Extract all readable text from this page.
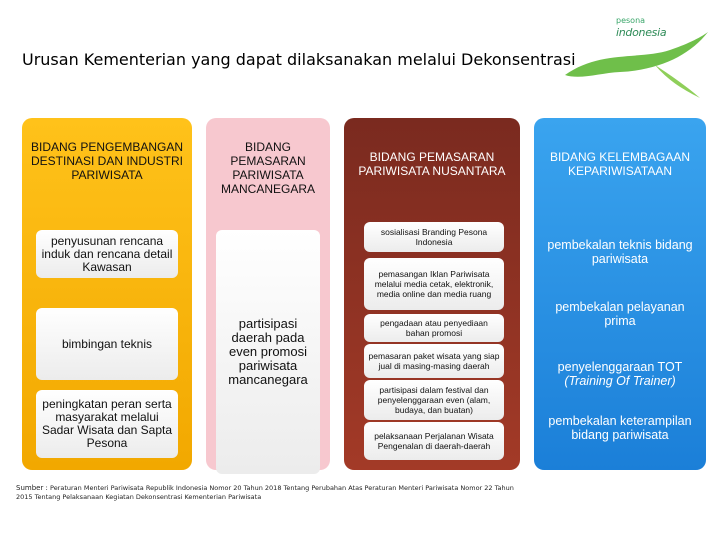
pesona
indonesia
Urusan Kementerian yang dapat dilaksanakan melalui Dekonsentrasi
BIDANG PENGEMBANGAN DESTINASI DAN INDUSTRI PARIWISATA
penyusunan rencana induk dan rencana detail Kawasan
bimbingan teknis
peningkatan peran serta masyarakat melalui Sadar Wisata dan Sapta Pesona
BIDANG PEMASARAN PARIWISATA MANCANEGARA
partisipasi daerah pada even promosi pariwisata mancanegara
BIDANG PEMASARAN PARIWISATA NUSANTARA
sosialisasi Branding Pesona Indonesia
pemasangan Iklan Pariwisata melalui media cetak, elektronik, media online dan media ruang
pengadaan atau penyediaan bahan promosi
pemasaran paket wisata yang siap jual di masing-masing daerah
partisipasi dalam festival dan penyelenggaraan even (alam, budaya, dan buatan)
pelaksanaan Perjalanan Wisata Pengenalan di daerah-daerah
BIDANG KELEMBAGAAN KEPARIWISATAAN
pembekalan teknis bidang pariwisata
pembekalan pelayanan prima
penyelenggaraan TOT
(Training Of Trainer)
pembekalan keterampilan bidang pariwisata
Sumber : Peraturan Menteri Pariwisata Republik Indonesia Nomor 20 Tahun 2018 Tentang Perubahan Atas Peraturan Menteri Pariwisata Nomor 22 Tahun 2015 Tentang Pelaksanaan Kegiatan Dekonsentrasi Kementerian Pariwisata
